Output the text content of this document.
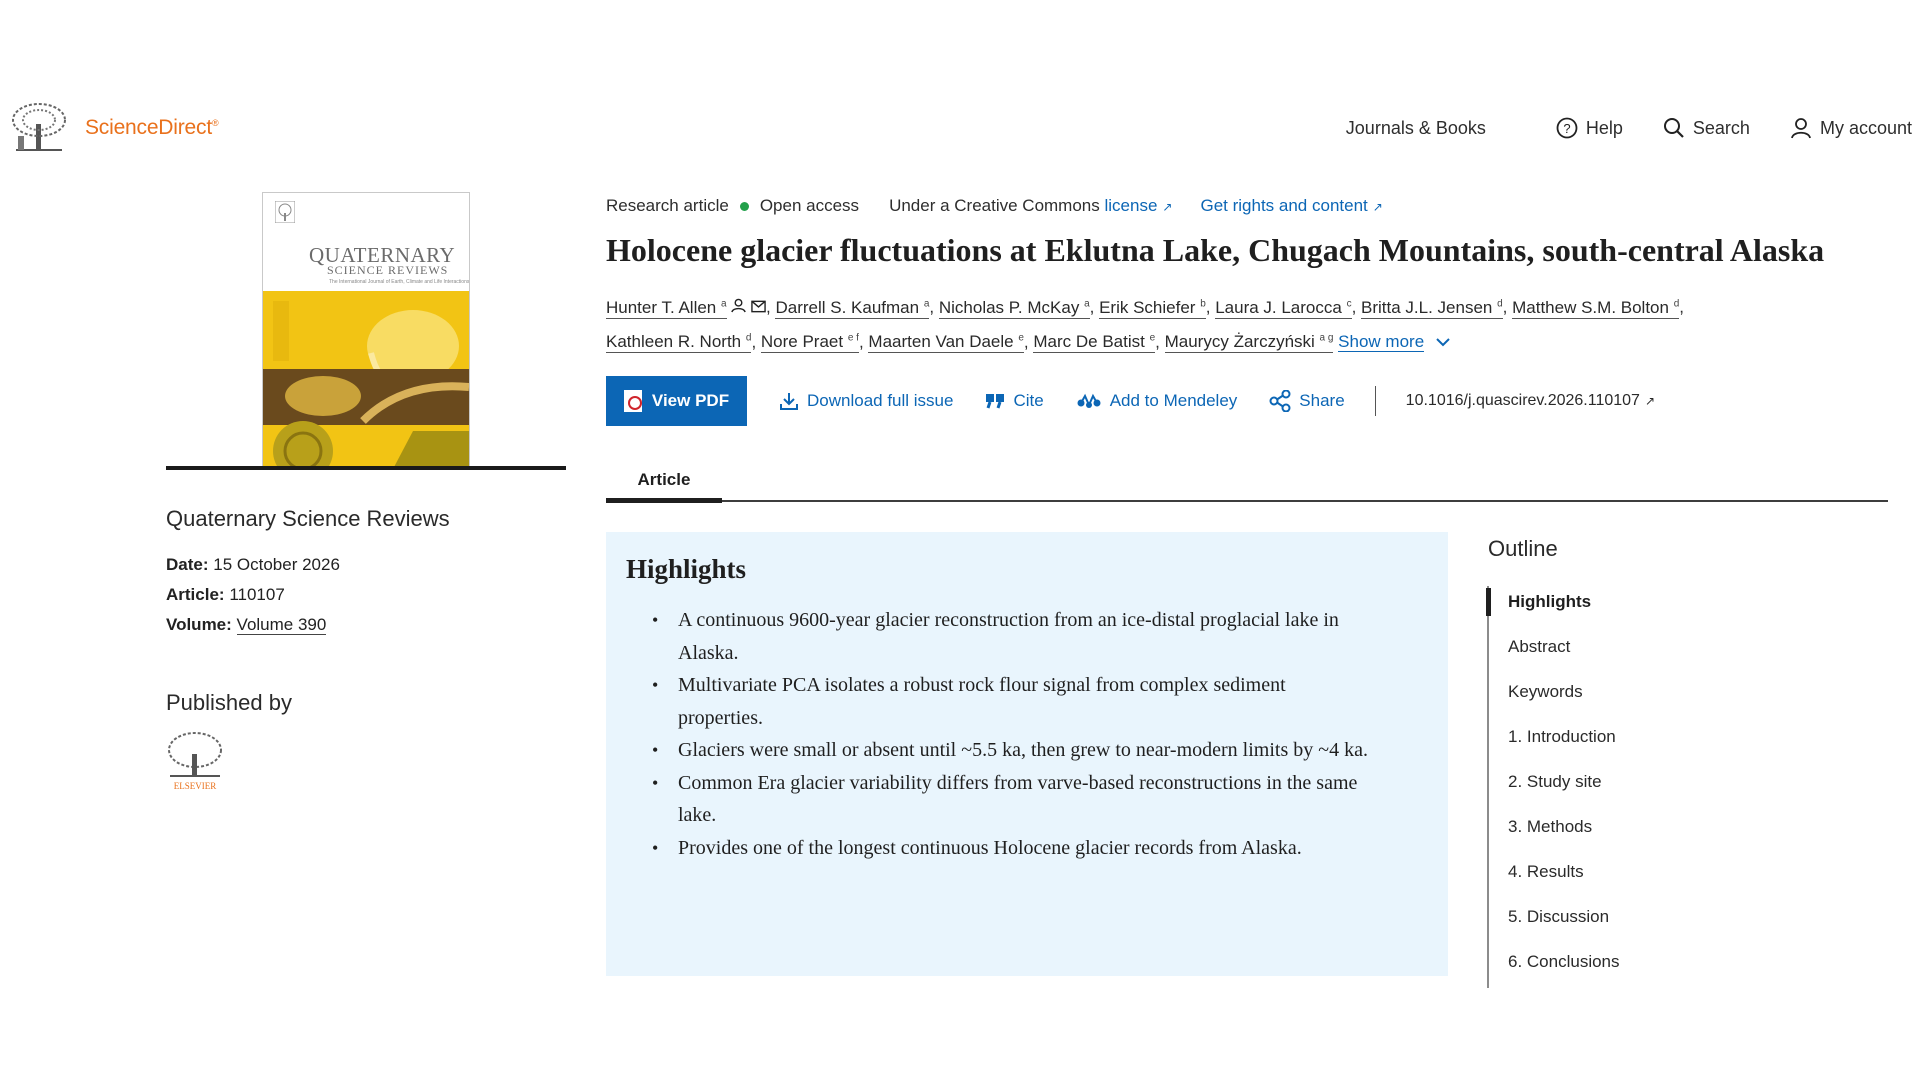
ScienceDirect®	Journals & Books	? Help	Search	My account
QUATERNARY
SCIENCE REVIEWS
The International Journal of Earth, Climate and Life Interactions
Quaternary Science Reviews
Date: 15 October 2026
Article: 110107
Volume: Volume 390
Published by
ELSEVIER
Research article Open access Under a Creative Commons
license ↗ Get rights and content ↗
Holocene glacier fluctuations at Eklutna Lake, Chugach Mountains, south-central Alaska
Hunter T. Allen $^a$ , Darrell S. Kaufman $^a$, Nicholas P. McKay $^a$, Erik Schiefer $^b$, Laura J. Larocca $^c$, Britta J.L. Jensen $^d$, Matthew S.M. Bolton $^d$,
Kathleen R. North $^d$, Nore Praet $^{e f}$, Maarten Van Daele $^e$, Marc De Batist $^e$, Maurycy Żarczyński $^{a g}$ Show more
View PDF	Download full issue	Cite	Add to Mendeley	Share	10.1016/j.quascirev.2026.110107 ↗
Article
Highlights
• A continuous 9600-year glacier reconstruction from an ice-distal proglacial lake in Alaska.
• Multivariate PCA isolates a robust rock flour signal from complex sediment properties.
• Glaciers were small or absent until ~5.5 ka, then grew to near-modern limits by ~4 ka.
• Common Era glacier variability differs from varve-based reconstructions in the same lake.
• Provides one of the longest continuous Holocene glacier records from Alaska.
Outline
Highlights
Abstract
Keywords
1. Introduction
2. Study site
3. Methods
4. Results
5. Discussion
6. Conclusions
